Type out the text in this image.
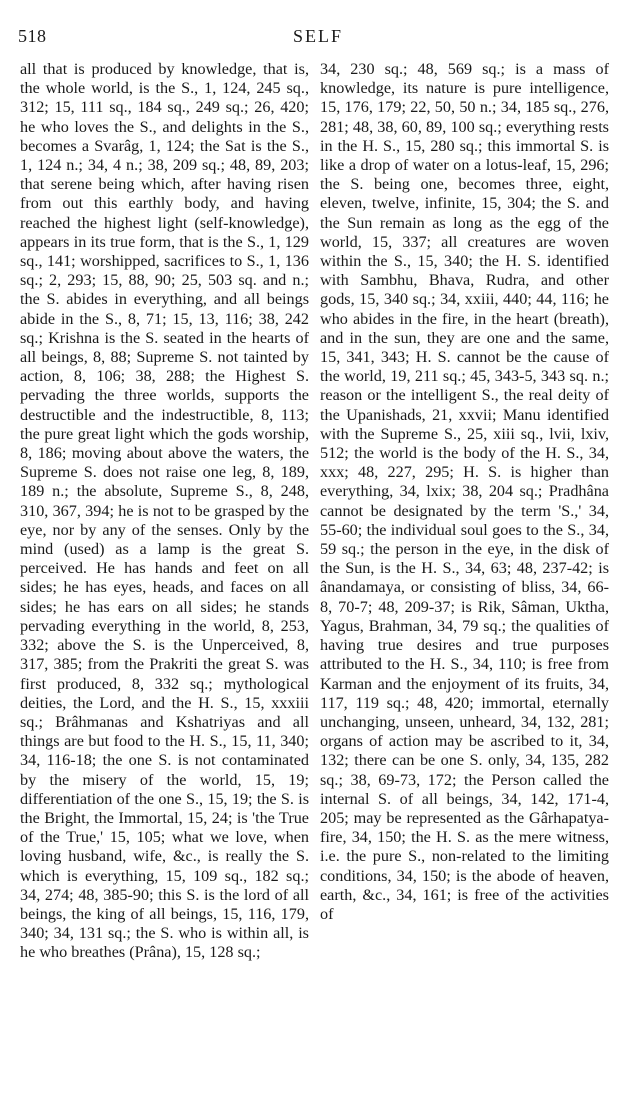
518	SELF

all that is produced by knowledge, that is, the whole world, is the S., 1, 124, 245 sq., 312; 15, 111 sq., 184 sq., 249 sq.; 26, 420; he who loves the S., and delights in the S., becomes a Svarâg, 1, 124; the Sat is the S., 1, 124 n.; 34, 4 n.; 38, 209 sq.; 48, 89, 203; that serene being which, after having risen from out this earthly body, and having reached the highest light (self-knowledge), appears in its true form, that is the S., 1, 129 sq., 141; worshipped, sacrifices to S., 1, 136 sq.; 2, 293; 15, 88, 90; 25, 503 sq. and n.; the S. abides in everything, and all beings abide in the S., 8, 71; 15, 13, 116; 38, 242 sq.; Krishna is the S. seated in the hearts of all beings, 8, 88; Supreme S. not tainted by action, 8, 106; 38, 288; the Highest S. pervading the three worlds, supports the destructible and the indestructible, 8, 113; the pure great light which the gods worship, 8, 186; moving about above the waters, the Supreme S. does not raise one leg, 8, 189, 189 n.; the absolute, Supreme S., 8, 248, 310, 367, 394; he is not to be grasped by the eye, nor by any of the senses. Only by the mind (used) as a lamp is the great S. perceived. He has hands and feet on all sides; he has eyes, heads, and faces on all sides; he has ears on all sides; he stands pervading everything in the world, 8, 253, 332; above the S. is the Unperceived, 8, 317, 385; from the Prakriti the great S. was first produced, 8, 332 sq.; mythological deities, the Lord, and the H. S., 15, xxxiii sq.; Brâhmanas and Kshatriyas and all things are but food to the H. S., 15, 11, 340; 34, 116-18; the one S. is not contaminated by the misery of the world, 15, 19; differentiation of the one S., 15, 19; the S. is the Bright, the Immortal, 15, 24; is 'the True of the True,' 15, 105; what we love, when loving husband, wife, &c., is really the S. which is everything, 15, 109 sq., 182 sq.; 34, 274; 48, 385-90; this S. is the lord of all beings, the king of all beings, 15, 116, 179, 340; 34, 131 sq.; the S. who is within all, is he who breathes (Prâna), 15, 128 sq.;

34, 230 sq.; 48, 569 sq.; is a mass of knowledge, its nature is pure intelligence, 15, 176, 179; 22, 50, 50 n.; 34, 185 sq., 276, 281; 48, 38, 60, 89, 100 sq.; everything rests in the H. S., 15, 280 sq.; this immortal S. is like a drop of water on a lotus-leaf, 15, 296; the S. being one, becomes three, eight, eleven, twelve, infinite, 15, 304; the S. and the Sun remain as long as the egg of the world, 15, 337; all creatures are woven within the S., 15, 340; the H. S. identified with Sambhu, Bhava, Rudra, and other gods, 15, 340 sq.; 34, xxiii, 440; 44, 116; he who abides in the fire, in the heart (breath), and in the sun, they are one and the same, 15, 341, 343; H. S. cannot be the cause of the world, 19, 211 sq.; 45, 343-5, 343 sq. n.; reason or the intelligent S., the real deity of the Upanishads, 21, xxvii; Manu identified with the Supreme S., 25, xiii sq., lvii, lxiv, 512; the world is the body of the H. S., 34, xxx; 48, 227, 295; H. S. is higher than everything, 34, lxix; 38, 204 sq.; Pradhâna cannot be designated by the term 'S.,' 34, 55-60; the individual soul goes to the S., 34, 59 sq.; the person in the eye, in the disk of the Sun, is the H. S., 34, 63; 48, 237-42; is ânandamaya, or consisting of bliss, 34, 66-8, 70-7; 48, 209-37; is Rik, Sâman, Uktha, Yagus, Brahman, 34, 79 sq.; the qualities of having true desires and true purposes attributed to the H. S., 34, 110; is free from Karman and the enjoyment of its fruits, 34, 117, 119 sq.; 48, 420; immortal, eternally unchanging, unseen, unheard, 34, 132, 281; organs of action may be ascribed to it, 34, 132; there can be one S. only, 34, 135, 282 sq.; 38, 69-73, 172; the Person called the internal S. of all beings, 34, 142, 171-4, 205; may be represented as the Gârhapatya-fire, 34, 150; the H. S. as the mere witness, i.e. the pure S., non-related to the limiting conditions, 34, 150; is the abode of heaven, earth, &c., 34, 161; is free of the activities of
